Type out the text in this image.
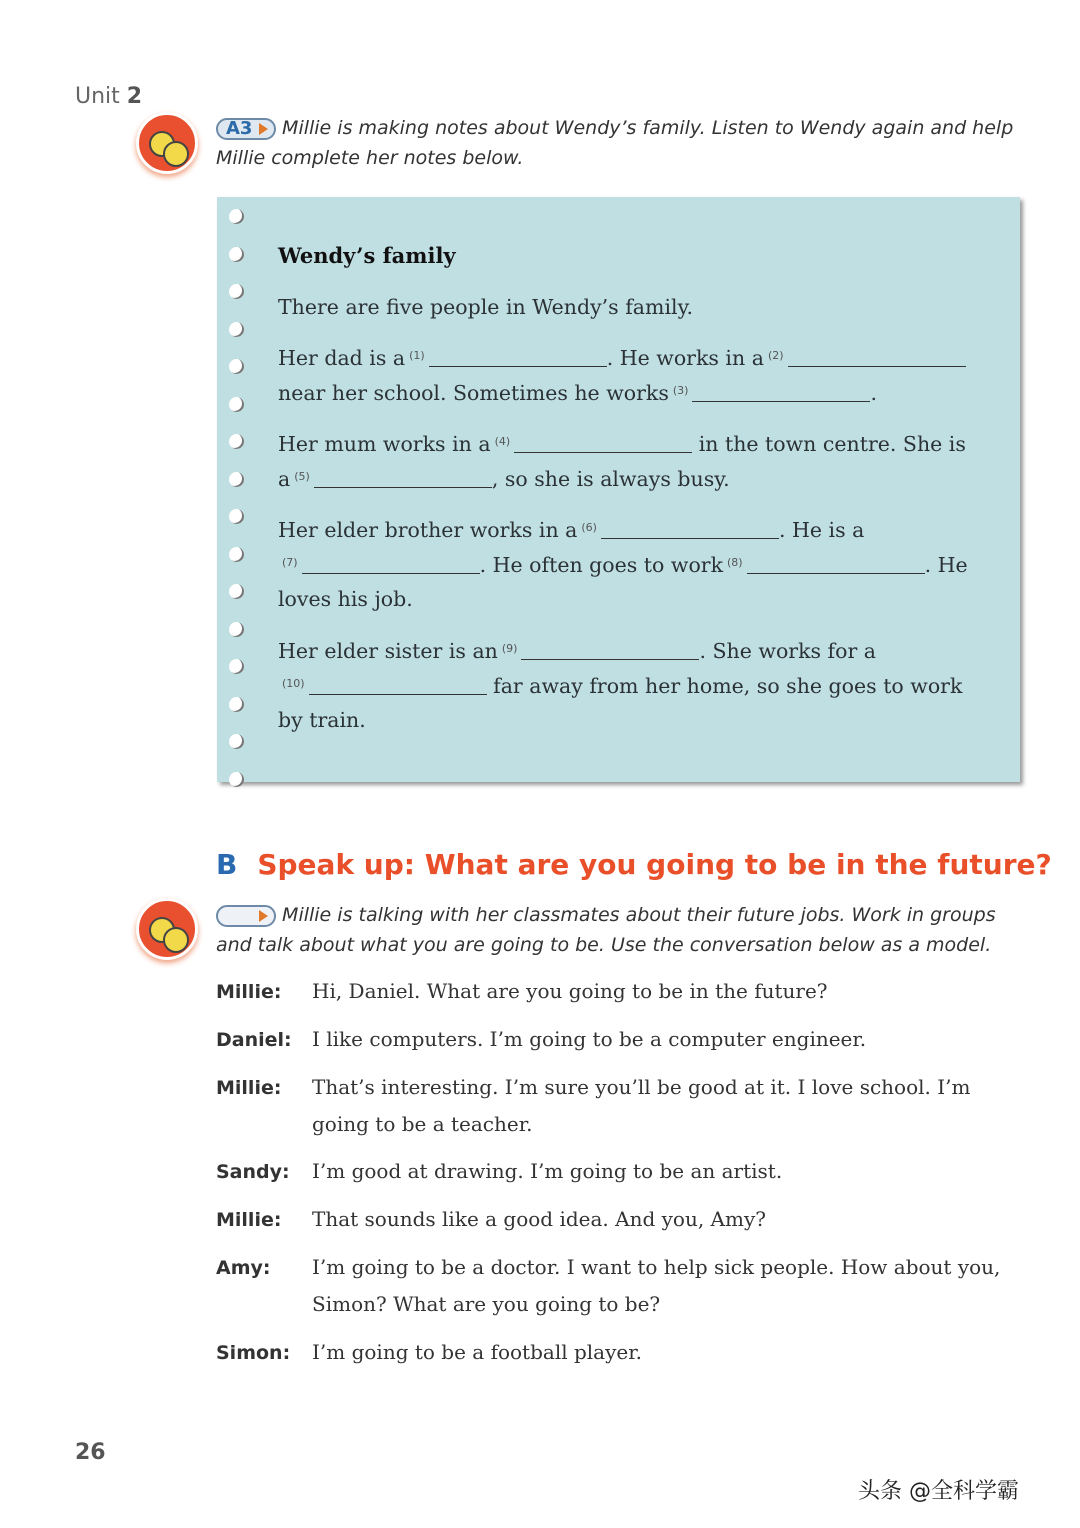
Unit 2
A3 Millie is making notes about Wendy’s family. Listen to Wendy again and help Millie complete her notes below.
Wendy’s family
There are five people in Wendy’s family.
Her dad is a $^{(1)}$	. He works in a $^{(2)}$
near her school. Sometimes he works $^{(3)}$	.
Her mum works in a $^{(4)}$	in the town centre. She is
a $^{(5)}$	, so she is always busy.
Her elder brother works in a $^{(6)}$	. He is a
$^{(7)}$	. He often goes to work $^{(8)}$	. He
loves his job.
Her elder sister is an $^{(9)}$	. She works for a
$^{(10)}$	far away from her home, so she goes to work
by train.
B Speak up: What are you going to be in the future?
Millie is talking with her classmates about their future jobs. Work in groups and talk about what you are going to be. Use the conversation below as a model.
Millie: Hi, Daniel. What are you going to be in the future?
Daniel: I like computers. I’m going to be a computer engineer.
Millie: That’s interesting. I’m sure you’ll be good at it. I love school. I’m going to be a teacher.
Sandy: I’m good at drawing. I’m going to be an artist.
Millie: That sounds like a good idea. And you, Amy?
Amy: I’m going to be a doctor. I want to help sick people. How about you, Simon? What are you going to be?
Simon: I’m going to be a football player.
26
头条 @全科学霸
